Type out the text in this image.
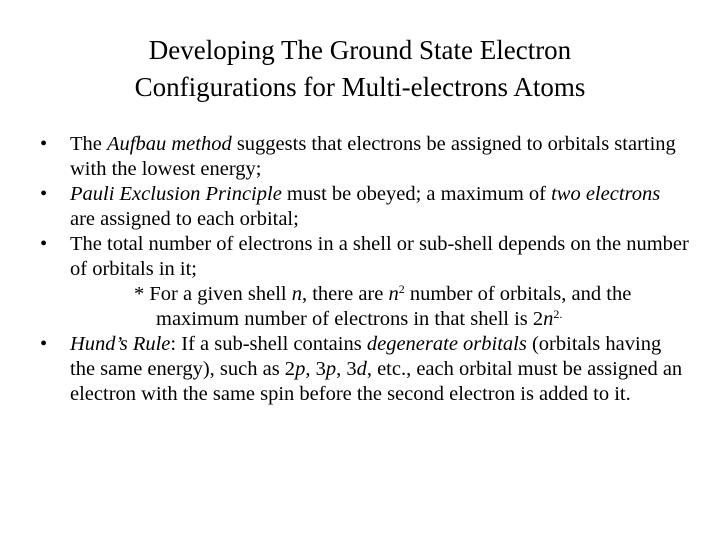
Developing The Ground State Electron
Configurations for Multi-electrons Atoms
• The Aufbau method suggests that electrons be assigned to orbitals starting with the lowest energy;
• Pauli Exclusion Principle must be obeyed; a maximum of two electrons are assigned to each orbital;
• The total number of electrons in a shell or sub-shell depends on the number of orbitals in it;
* For a given shell n, there are $n^2$ number of orbitals, and the maximum number of electrons in that shell is $2n^{2.}$
• Hund’s Rule: If a sub-shell contains degenerate orbitals (orbitals having the same energy), such as 2p, 3p, 3d, etc., each orbital must be assigned an electron with the same spin before the second electron is added to it.
